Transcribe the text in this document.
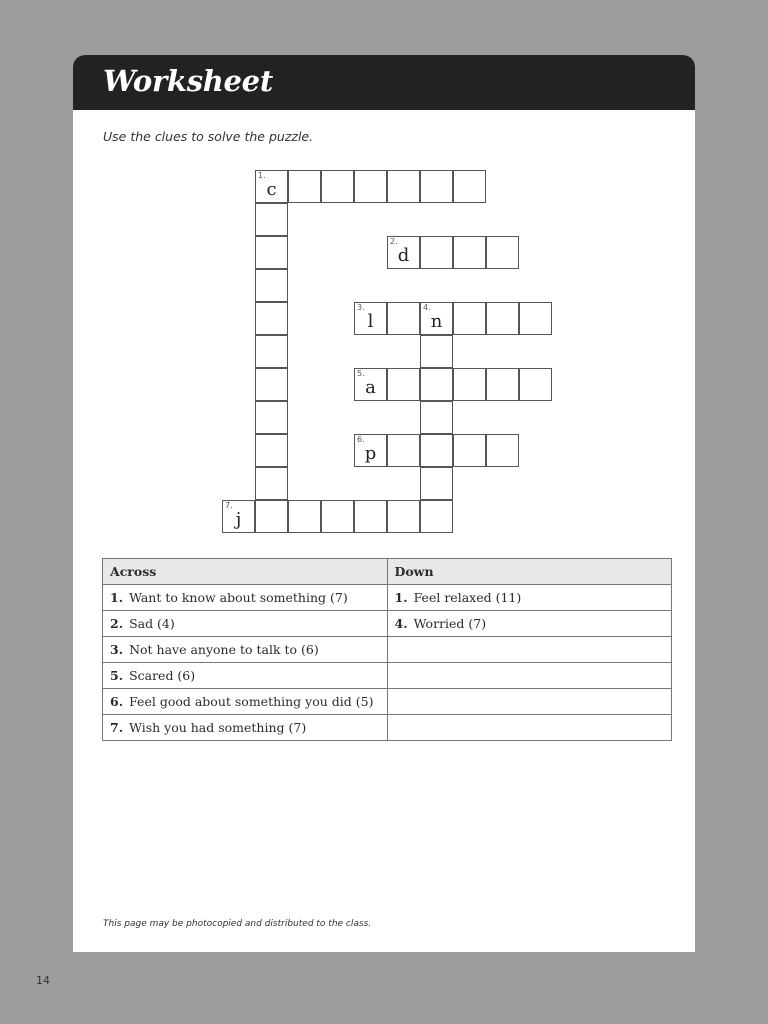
Worksheet
Use the clues to solve the puzzle.
This page may be photocopied and distributed to the class.
1.
c
2.
d
3.
l
4.
n
5.
a
6.
p
7.
j
Across	Down
1. Want to know about something (7)	1. Feel relaxed (11)
2. Sad (4)	4. Worried (7)
3. Not have anyone to talk to (6)	
5. Scared (6)	
6. Feel good about something you did (5)	
7. Wish you had something (7)	
14
